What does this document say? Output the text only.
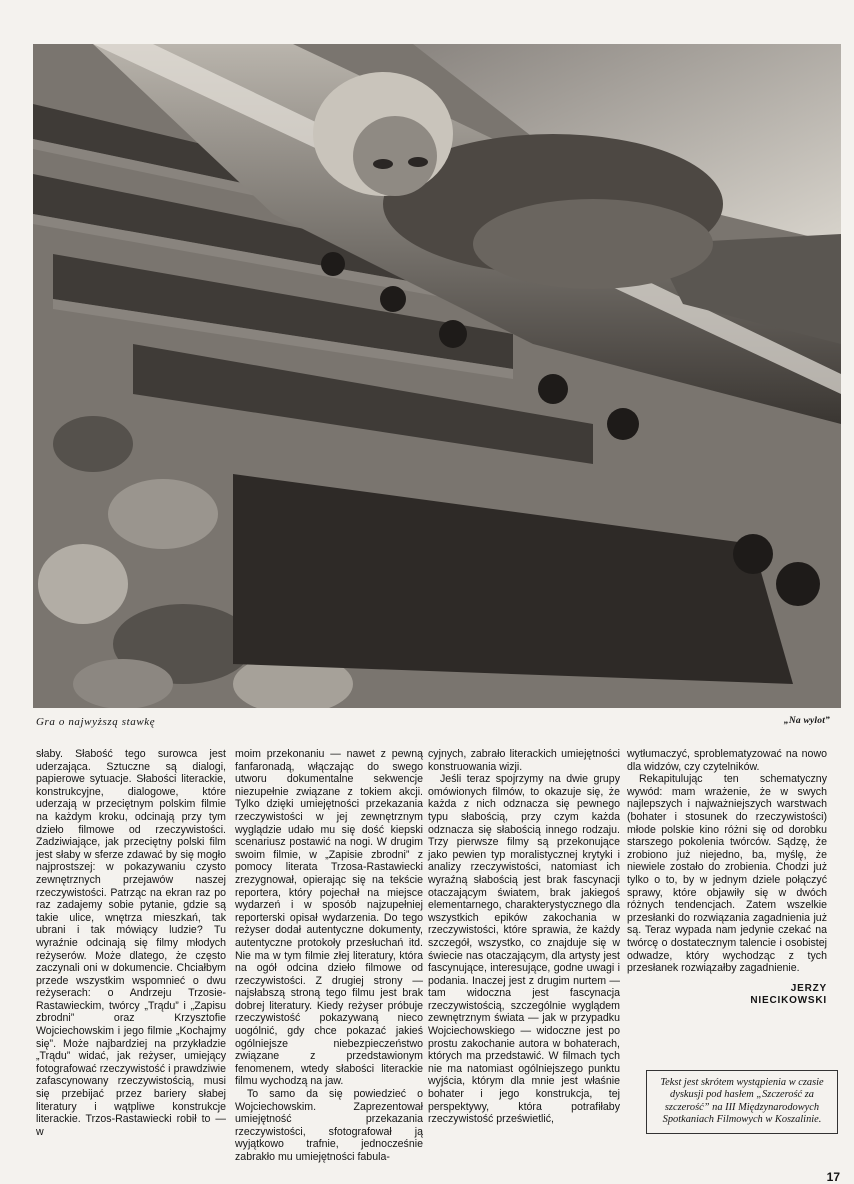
Gra o najwyższą stawkę	„Na wylot”

słaby. Słabość tego surowca jest uderzająca. Sztuczne są dialogi, papierowe sytuacje. Słabości literackie, konstrukcyjne, dialogowe, które uderzają w przeciętnym polskim filmie na każdym kroku, odcinają przy tym dzieło filmowe od rzeczywistości. Zadziwiające, jak przeciętny polski film jest słaby w sferze zdawać by się mogło najprostszej: w pokazywaniu czysto zewnętrznych przejawów naszej rzeczywistości. Patrząc na ekran raz po raz zadajemy sobie pytanie, gdzie są takie ulice, wnętrza mieszkań, tak ubrani i tak mówiący ludzie? Tu wyraźnie odcinają się filmy młodych reżyserów. Może dlatego, że często zaczynali oni w dokumencie. Chciałbym przede wszystkim wspomnieć o dwu reżyserach: o Andrzeju Trzosie-Rastawieckim, twórcy „Trądu” i „Zapisu zbrodni” oraz Krzysztofie Wojciechowskim i jego filmie „Kochajmy się”. Może najbardziej na przykładzie „Trądu” widać, jak reżyser, umiejący fotografować rzeczywistość i prawdziwie zafascynowany rzeczywistością, musi się przebijać przez bariery słabej literatury i wątpliwe konstrukcje literackie. Trzos-Rastawiecki robił to — w

moim przekonaniu — nawet z pewną fanfaronadą, włączając do swego utworu dokumentalne sekwencje niezupełnie związane z tokiem akcji. Tylko dzięki umiejętności przekazania rzeczywistości w jej zewnętrznym wyglądzie udało mu się dość kiepski scenariusz postawić na nogi. W drugim swoim filmie, w „Zapisie zbrodni” z pomocy literata Trzosa-Rastawiecki zrezygnował, opierając się na tekście reportera, który pojechał na miejsce wydarzeń i w sposób najzupełniej reporterski opisał wydarzenia. Do tego reżyser dodał autentyczne dokumenty, autentyczne protokoły przesłuchań itd. Nie ma w tym filmie złej literatury, która na ogół odcina dzieło filmowe od rzeczywistości. Z drugiej strony — najsłabszą stroną tego filmu jest brak dobrej literatury. Kiedy reżyser próbuje rzeczywistość pokazywaną nieco uogólnić, gdy chce pokazać jakieś ogólniejsze niebezpieczeństwo związane z przedstawionym fenomenem, wtedy słabości literackie filmu wychodzą na jaw.

To samo da się powiedzieć o Wojciechowskim. Zaprezentował umiejętność przekazania rzeczywistości, sfotografował ją wyjątkowo trafnie, jednocześnie zabrakło mu umiejętności fabula-

cyjnych, zabrało literackich umiejętności konstruowania wizji.

Jeśli teraz spojrzymy na dwie grupy omówionych filmów, to okazuje się, że każda z nich odznacza się pewnego typu słabością, przy czym każda odznacza się słabością innego rodzaju. Trzy pierwsze filmy są przekonujące jako pewien typ moralistycznej krytyki i analizy rzeczywistości, natomiast ich wyraźną słabością jest brak fascynacji otaczającym światem, brak jakiegoś elementarnego, charakterystycznego dla wszystkich epików zakochania w rzeczywistości, które sprawia, że każdy szczegół, wszystko, co znajduje się w świecie nas otaczającym, dla artysty jest fascynujące, interesujące, godne uwagi i podania. Inaczej jest z drugim nurtem — tam widoczna jest fascynacja rzeczywistością, szczególnie wyglądem zewnętrznym świata — jak w przypadku Wojciechowskiego — widoczne jest po prostu zakochanie autora w bohaterach, których ma przedstawić. W filmach tych nie ma natomiast ogólniejszego punktu wyjścia, którym dla mnie jest właśnie bohater i jego konstrukcja, tej perspektywy, która potrafiłaby rzeczywistość prześwietlić,

wytłumaczyć, sproblematyzować na nowo dla widzów, czy czytelników.

Rekapitulując ten schematyczny wywód: mam wrażenie, że w swych najlepszych i najważniejszych warstwach (bohater i stosunek do rzeczywistości) młode polskie kino różni się od dorobku starszego pokolenia twórców. Sądzę, że zrobiono już niejedno, ba, myślę, że niewiele zostało do zrobienia. Chodzi już tylko o to, by w jednym dziele połączyć sprawy, które objawiły się w dwóch różnych tendencjach. Zatem wszelkie przesłanki do rozwiązania zagadnienia już są. Teraz wypada nam jedynie czekać na twórcę o dostatecznym talencie i osobistej odwadze, który wychodząc z tych przesłanek rozwiązałby zagadnienie.

JERZY
NIECIKOWSKI
Tekst jest skrótem wystąpienia w czasie dyskusji pod hasłem „Szczerość za szczerość” na III Międzynarodowych Spotkaniach Filmowych w Koszalinie.
17
